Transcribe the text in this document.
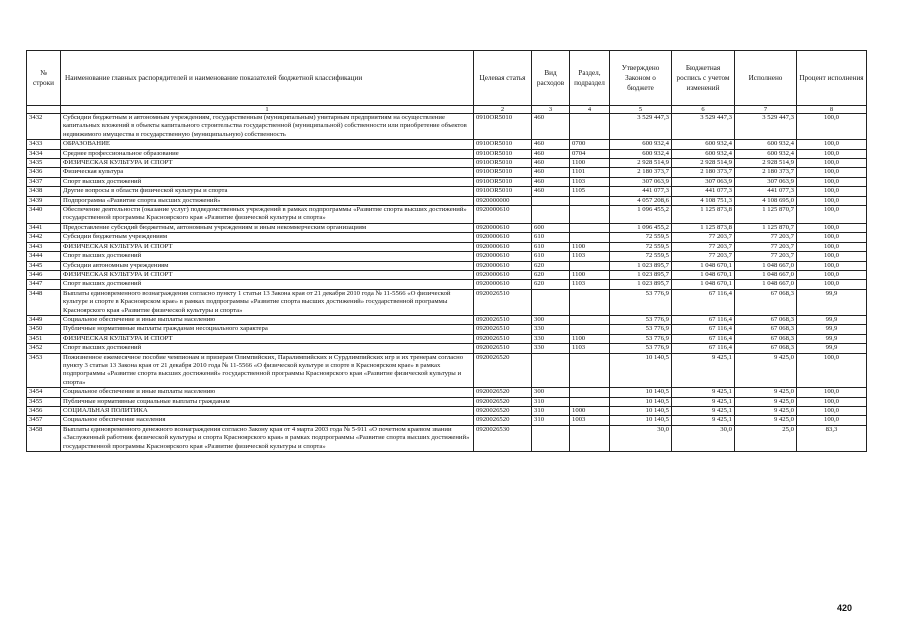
№ строки	Наименование главных распорядителей и наименование показателей бюджетной классификации	Целевая статья	Вид расходов	Раздел, подраздел	Утверждено Законом о бюджете	Бюджетная роспись с учетом изменений	Исполнено	Процент исполнения
	1	2	3	4	5	6	7	8
3432	Субсидии бюджетным и автономным учреждениям, государственным (муниципальным) унитарным предприятиям на осуществление капитальных вложений в объекты капитального строительства государственной (муниципальной) собственности или приобретение объектов недвижимого имущества в государственную (муниципальную) собственность	0910ОR5010	460		3 529 447,3	3 529 447,3	3 529 447,3	100,0
3433	ОБРАЗОВАНИЕ	0910ОR5010	460	0700	600 932,4	600 932,4	600 932,4	100,0
3434	Среднее профессиональное образование	0910ОR5010	460	0704	600 932,4	600 932,4	600 932,4	100,0
3435	ФИЗИЧЕСКАЯ КУЛЬТУРА И СПОРТ	0910ОR5010	460	1100	2 928 514,9	2 928 514,9	2 928 514,9	100,0
3436	Физическая культура	0910ОR5010	460	1101	2 180 373,7	2 180 373,7	2 180 373,7	100,0
3437	Спорт высших достижений	0910ОR5010	460	1103	307 063,9	307 063,9	307 063,9	100,0
3438	Другие вопросы в области физической культуры и спорта	0910ОR5010	460	1105	441 077,3	441 077,3	441 077,3	100,0
3439	Подпрограмма «Развитие спорта высших достижений»	0920000000			4 057 208,6	4 108 751,3	4 108 695,0	100,0
3440	Обеспечение деятельности (оказание услуг) подведомственных учреждений в рамках подпрограммы «Развитие спорта высших достижений» государственной программы Красноярского края «Развитие физической культуры и спорта»	0920000610			1 096 455,2	1 125 873,8	1 125 870,7	100,0
3441	Предоставление субсидий бюджетным, автономным учреждениям и иным некоммерческим организациям	0920000610	600		1 096 455,2	1 125 873,8	1 125 870,7	100,0
3442	Субсидии бюджетным учреждениям	0920000610	610		72 559,5	77 203,7	77 203,7	100,0
3443	ФИЗИЧЕСКАЯ КУЛЬТУРА И СПОРТ	0920000610	610	1100	72 559,5	77 203,7	77 203,7	100,0
3444	Спорт высших достижений	0920000610	610	1103	72 559,5	77 203,7	77 203,7	100,0
3445	Субсидии автономным учреждениям	0920000610	620		1 023 895,7	1 048 670,1	1 048 667,0	100,0
3446	ФИЗИЧЕСКАЯ КУЛЬТУРА И СПОРТ	0920000610	620	1100	1 023 895,7	1 048 670,1	1 048 667,0	100,0
3447	Спорт высших достижений	0920000610	620	1103	1 023 895,7	1 048 670,1	1 048 667,0	100,0
3448	Выплаты единовременного вознаграждения согласно пункту 1 статьи 13 Закона края от 21 декабря 2010 года № 11-5566 «О физической культуре и спорте в Красноярском крае» в рамках подпрограммы «Развитие спорта высших достижений» государственной программы Красноярского края «Развитие физической культуры и спорта»	0920026510			53 776,9	67 116,4	67 068,3	99,9
3449	Социальное обеспечение и иные выплаты населению	0920026510	300		53 776,9	67 116,4	67 068,3	99,9
3450	Публичные нормативные выплаты гражданам несоциального характера	0920026510	330		53 776,9	67 116,4	67 068,3	99,9
3451	ФИЗИЧЕСКАЯ КУЛЬТУРА И СПОРТ	0920026510	330	1100	53 776,9	67 116,4	67 068,3	99,9
3452	Спорт высших достижений	0920026510	330	1103	53 776,9	67 116,4	67 068,3	99,9
3453	Пожизненное ежемесячное пособие чемпионам и призерам Олимпийских, Паралимпийских и Сурдлимпийских игр и их тренерам согласно пункту 3 статьи 13 Закона края от 21 декабря 2010 года № 11-5566 «О физической культуре и спорте в Красноярском крае» в рамках подпрограммы «Развитие спорта высших достижений» государственной программы Красноярского края «Развитие физической культуры и спорта»	0920026520			10 140,5	9 425,1	9 425,0	100,0
3454	Социальное обеспечение и иные выплаты населению	0920026520	300		10 140,5	9 425,1	9 425,0	100,0
3455	Публичные нормативные социальные выплаты гражданам	0920026520	310		10 140,5	9 425,1	9 425,0	100,0
3456	СОЦИАЛЬНАЯ ПОЛИТИКА	0920026520	310	1000	10 140,5	9 425,1	9 425,0	100,0
3457	Социальное обеспечение населения	0920026520	310	1003	10 140,5	9 425,1	9 425,0	100,0
3458	Выплаты единовременного денежного вознаграждения согласно Закону края от 4 марта 2003 года № 5-911 «О почетном краевом звании «Заслуженный работник физической культуры и спорта Красноярского края» в рамках подпрограммы «Развитие спорта высших достижений» государственной программы Красноярского края «Развитие физической культуры и спорта»	0920026530			30,0	30,0	25,0	83,3
420
